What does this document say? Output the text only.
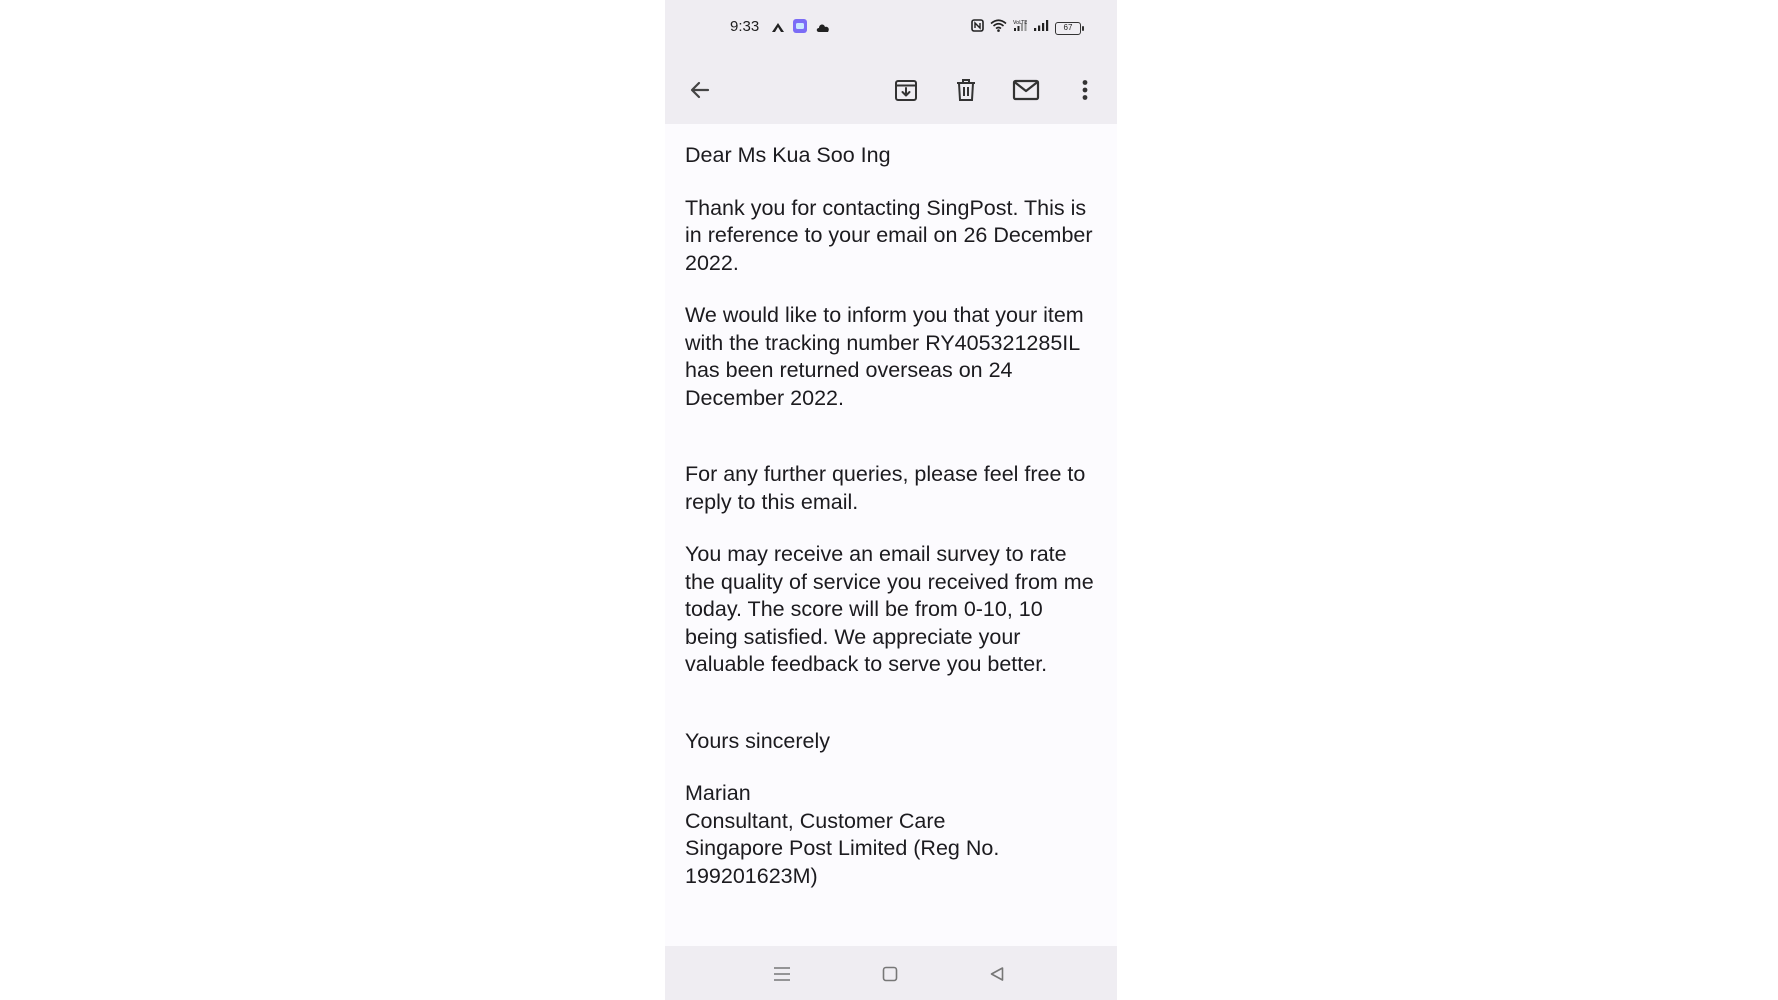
9:33	VoLTE	67

Dear Ms Kua Soo Ing

Thank you for contacting SingPost. This is in reference to your email on 26 December 2022.

We would like to inform you that your item with the tracking number RY405321285IL has been returned overseas on 24 December 2022.

For any further queries, please feel free to reply to this email.

You may receive an email survey to rate the quality of service you received from me today. The score will be from 0-10, 10 being satisfied. We appreciate your valuable feedback to serve you better.

Yours sincerely

Marian

Consultant, Customer Care

Singapore Post Limited (Reg No. 199201623M)
